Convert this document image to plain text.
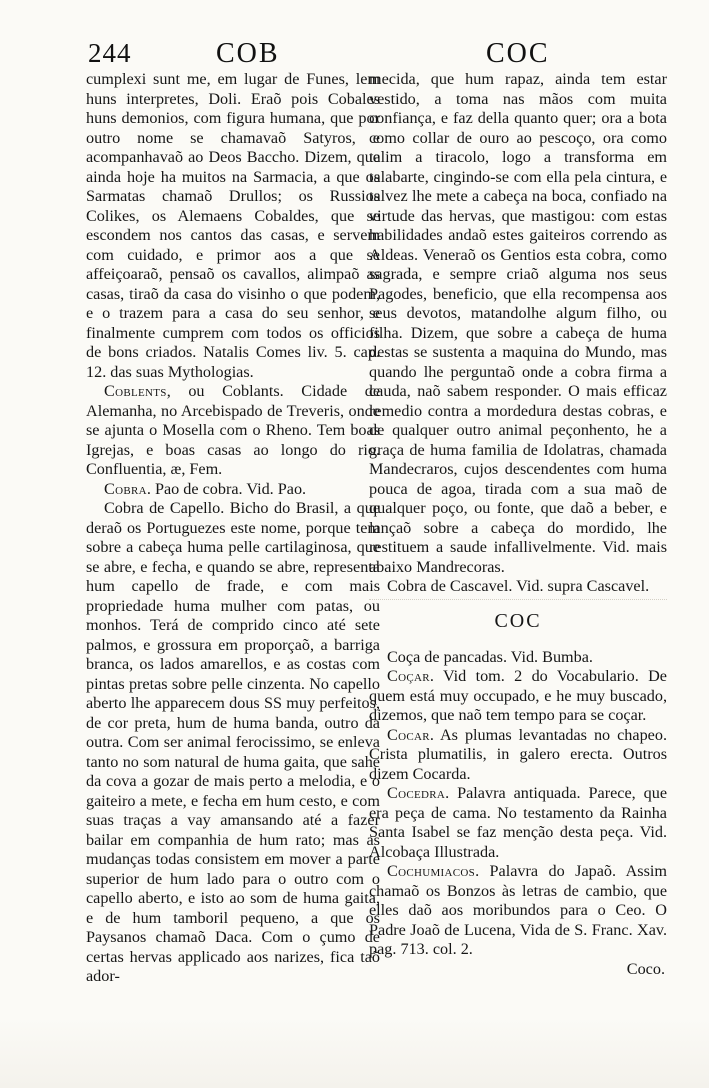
244	COB	COC

cumplexi sunt me, em lugar de Funes, lem huns interpretes, Doli. Eraõ pois Cobales huns demonios, com figura humana, que por outro nome se chamavaõ Satyros, e acompanhavaõ ao Deos Baccho. Dizem, que ainda hoje ha muitos na Sarmacia, a que os Sarmatas chamaõ Drullos; os Russios Colikes, os Alemaens Cobaldes, que se escondem nos cantos das casas, e servem com cuidado, e primor aos a que se affeiçoaraõ, pensaõ os cavallos, alimpaõ as casas, tiraõ da casa do visinho o que podem, e o trazem para a casa do seu senhor, e finalmente cumprem com todos os officios de bons criados. Natalis Comes liv. 5. cap. 12. das suas Mythologias.

Coblents, ou Coblants. Cidade de Alemanha, no Arcebispado de Treveris, onde se ajunta o Mosella com o Rheno. Tem boas Igrejas, e boas casas ao longo do rio. Confluentia, æ, Fem.

Cobra. Pao de cobra. Vid. Pao.

Cobra de Capello. Bicho do Brasil, a que deraõ os Portuguezes este nome, porque tem sobre a cabeça huma pelle cartilaginosa, que se abre, e fecha, e quando se abre, representa hum capello de frade, e com mais propriedade huma mulher com patas, ou monhos. Terá de comprido cinco até sete palmos, e grossura em proporçaõ, a barriga branca, os lados amarellos, e as costas com pintas pretas sobre pelle cinzenta. No capello aberto lhe apparecem dous SS muy perfeitos, de cor preta, hum de huma banda, outro da outra. Com ser animal ferocissimo, se enleva tanto no som natural de huma gaita, que sahe da cova a gozar de mais perto a melodia, e o gaiteiro a mete, e fecha em hum cesto, e com suas traças a vay amansando até a fazer bailar em companhia de hum rato; mas as mudanças todas consistem em mover a parte superior de hum lado para o outro com o capello aberto, e isto ao som de huma gaita, e de hum tamboril pequeno, a que os Paysanos chamaõ Daca. Com o çumo de certas hervas applicado aos narizes, fica taõ ador-

mecida, que hum rapaz, ainda tem estar vestido, a toma nas mãos com muita confiança, e faz della quanto quer; ora a bota como collar de ouro ao pescoço, ora como talim a tiracolo, logo a transforma em talabarte, cingindo-se com ella pela cintura, e talvez lhe mete a cabeça na boca, confiado na virtude das hervas, que mastigou: com estas habilidades andaõ estes gaiteiros correndo as Aldeas. Veneraõ os Gentios esta cobra, como sagrada, e sempre criaõ alguma nos seus Pagodes, beneficio, que ella recompensa aos seus devotos, matandolhe algum filho, ou filha. Dizem, que sobre a cabeça de huma destas se sustenta a maquina do Mundo, mas quando lhe perguntaõ onde a cobra firma a cauda, naõ sabem responder. O mais efficaz remedio contra a mordedura destas cobras, e de qualquer outro animal peçonhento, he a graça de huma familia de Idolatras, chamada Mandecraros, cujos descendentes com huma pouca de agoa, tirada com a sua maõ de qualquer poço, ou fonte, que daõ a beber, e lançaõ sobre a cabeça do mordido, lhe restituem a saude infallivelmente. Vid. mais abaixo Mandrecoras.

Cobra de Cascavel. Vid. supra Cascavel.

COC

Coça de pancadas. Vid. Bumba.

Coçar. Vid tom. 2 do Vocabulario. De quem está muy occupado, e he muy buscado, dizemos, que naõ tem tempo para se coçar.

Cocar. As plumas levantadas no chapeo. Crista plumatilis, in galero erecta. Outros dizem Cocarda.

Cocedra. Palavra antiquada. Parece, que era peça de cama. No testamento da Rainha Santa Isabel se faz menção desta peça. Vid. Alcobaça Illustrada.

Cochumiacos. Palavra do Japaõ. Assim chamaõ os Bonzos às letras de cambio, que elles daõ aos moribundos para o Ceo. O Padre Joaõ de Lucena, Vida de S. Franc. Xav. pag. 713. col. 2.

Coco.
